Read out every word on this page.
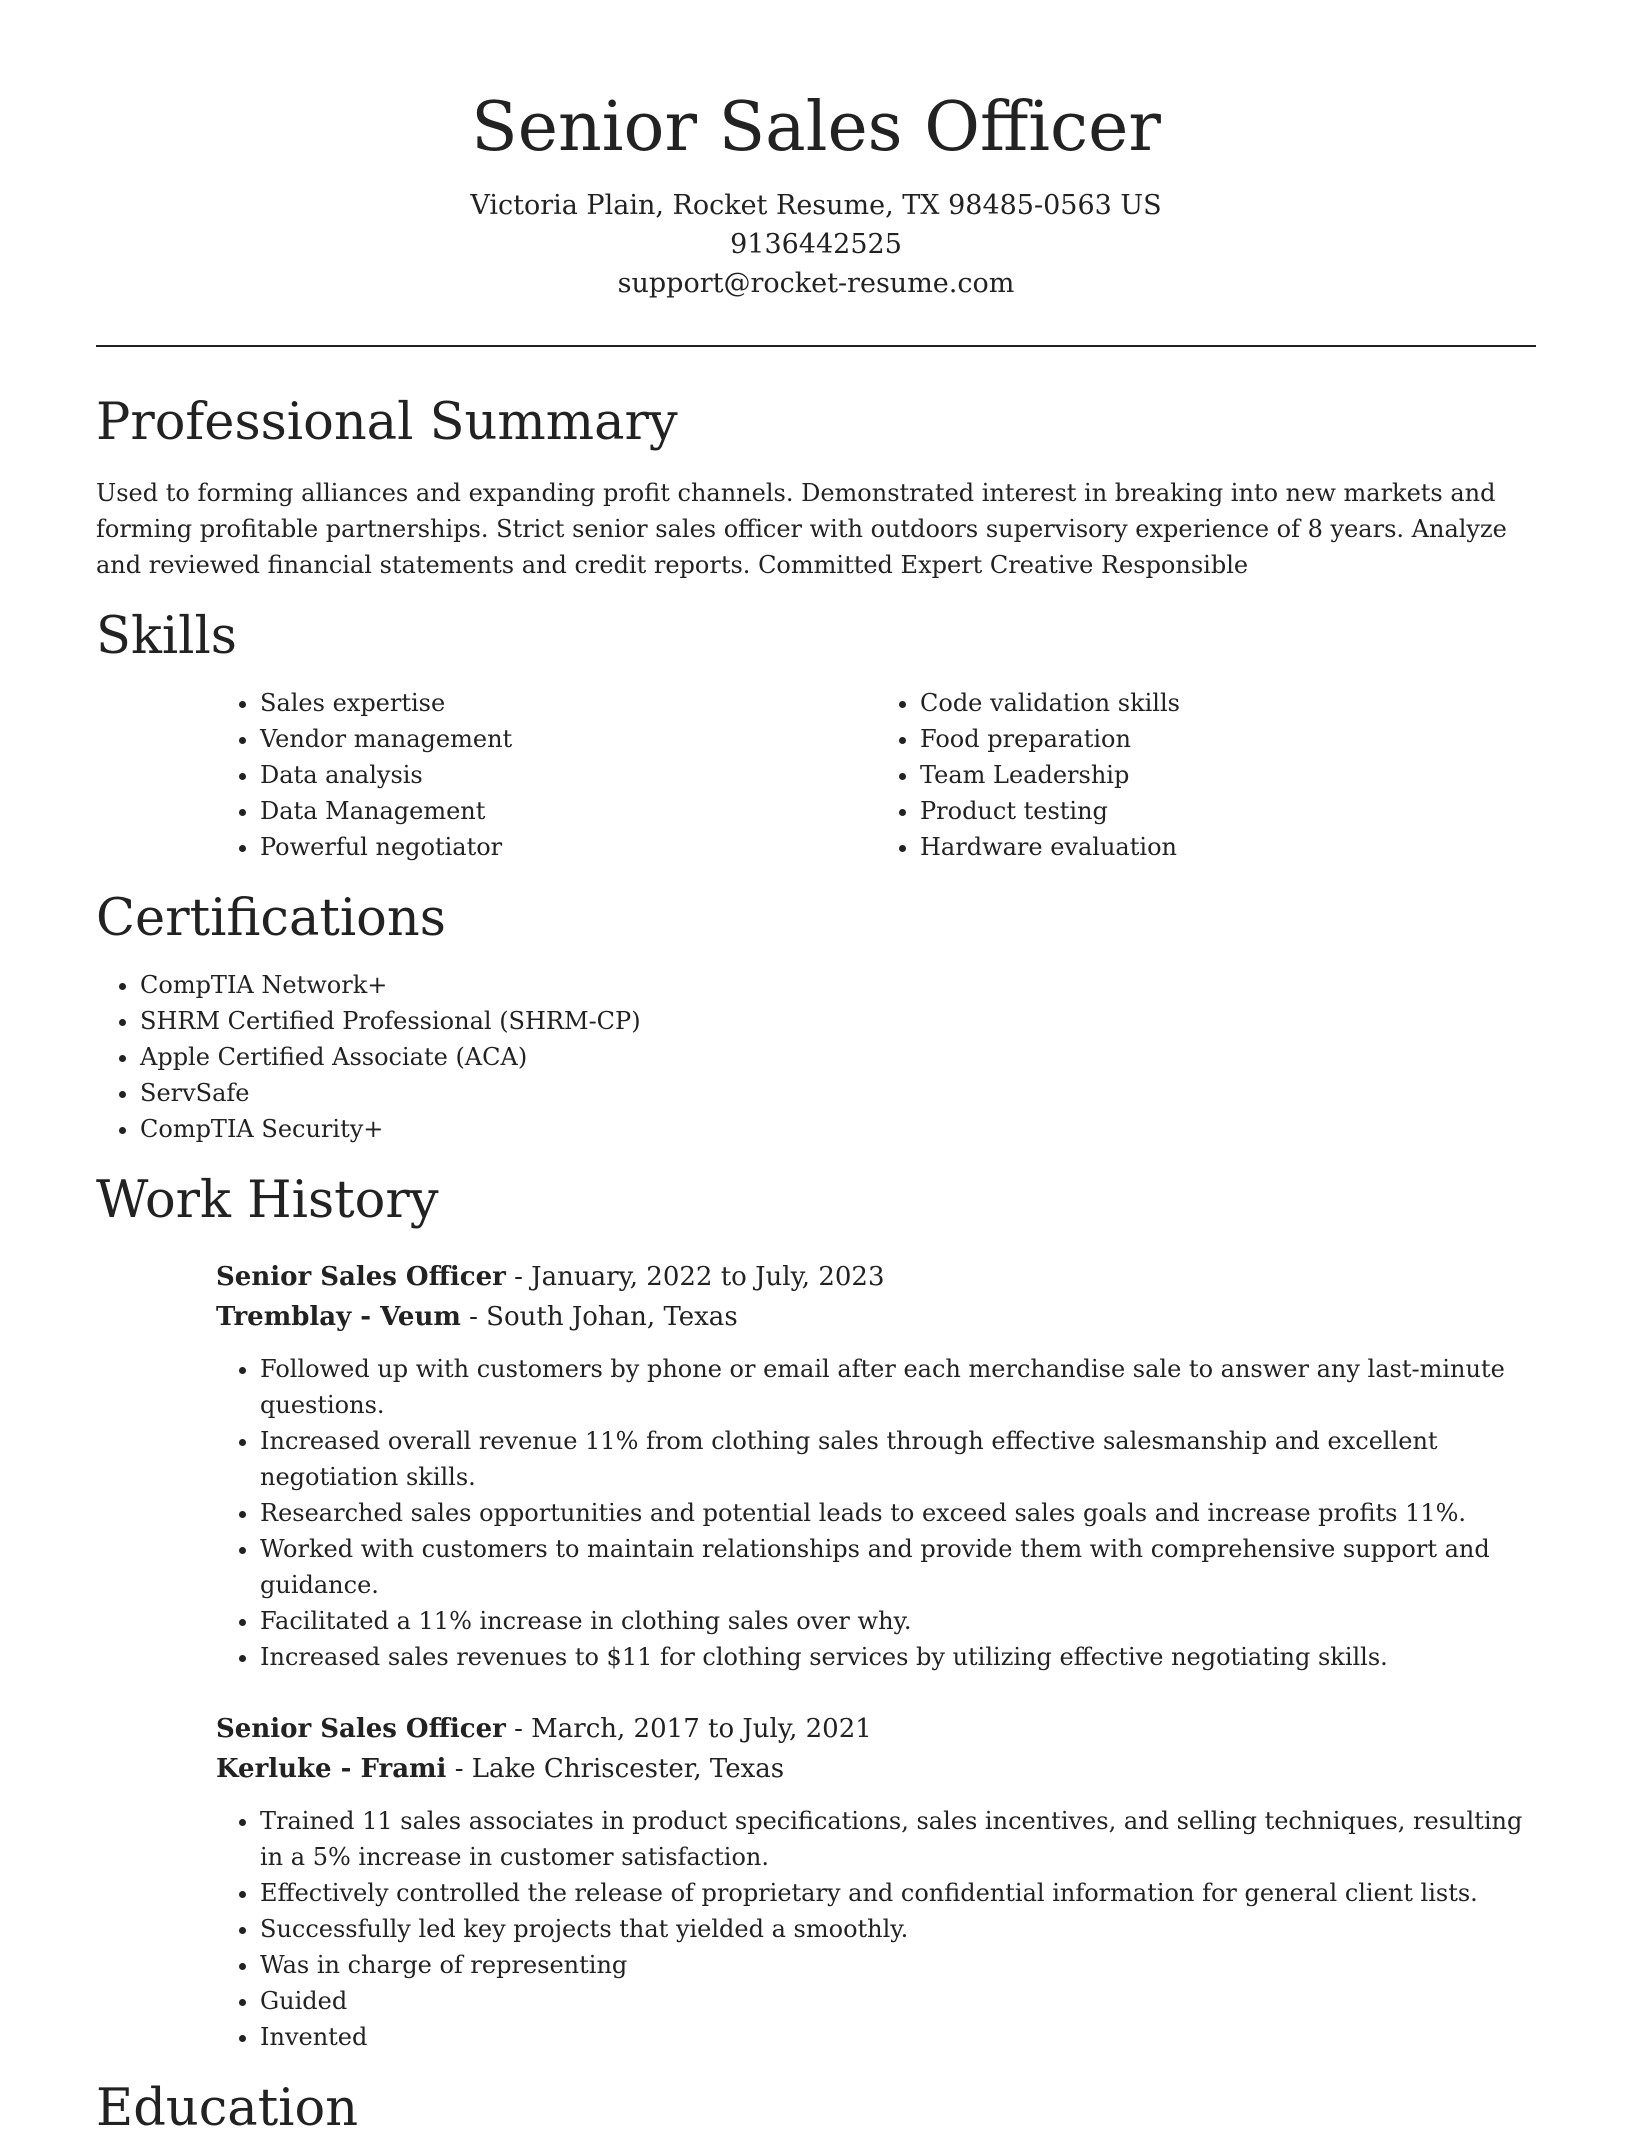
Senior Sales Officer
Victoria Plain, Rocket Resume, TX 98485-0563 US
9136442525
support@rocket-resume.com
Professional Summary

Used to forming alliances and expanding profit channels. Demonstrated interest in breaking into new markets and forming profitable partnerships. Strict senior sales officer with outdoors supervisory experience of 8 years. Analyze and reviewed financial statements and credit reports. Committed Expert Creative Responsible

Skills
• Sales expertise
• Vendor management
• Data analysis
• Data Management
• Powerful negotiator
• Code validation skills
• Food preparation
• Team Leadership
• Product testing
• Hardware evaluation
Certifications
• CompTIA Network+
• SHRM Certified Professional (SHRM-CP)
• Apple Certified Associate (ACA)
• ServSafe
• CompTIA Security+
Work History
Senior Sales Officer - January, 2022 to July, 2023
Tremblay - Veum - South Johan, Texas
• Followed up with customers by phone or email after each merchandise sale to answer any last-minute questions.
• Increased overall revenue 11% from clothing sales through effective salesmanship and excellent negotiation skills.
• Researched sales opportunities and potential leads to exceed sales goals and increase profits 11%.
• Worked with customers to maintain relationships and provide them with comprehensive support and guidance.
• Facilitated a 11% increase in clothing sales over why.
• Increased sales revenues to $11 for clothing services by utilizing effective negotiating skills.
Senior Sales Officer - March, 2017 to July, 2021
Kerluke - Frami - Lake Chriscester, Texas
• Trained 11 sales associates in product specifications, sales incentives, and selling techniques, resulting in a 5% increase in customer satisfaction.
• Effectively controlled the release of proprietary and confidential information for general client lists.
• Successfully led key projects that yielded a smoothly.
• Was in charge of representing
• Guided
• Invented
Education
